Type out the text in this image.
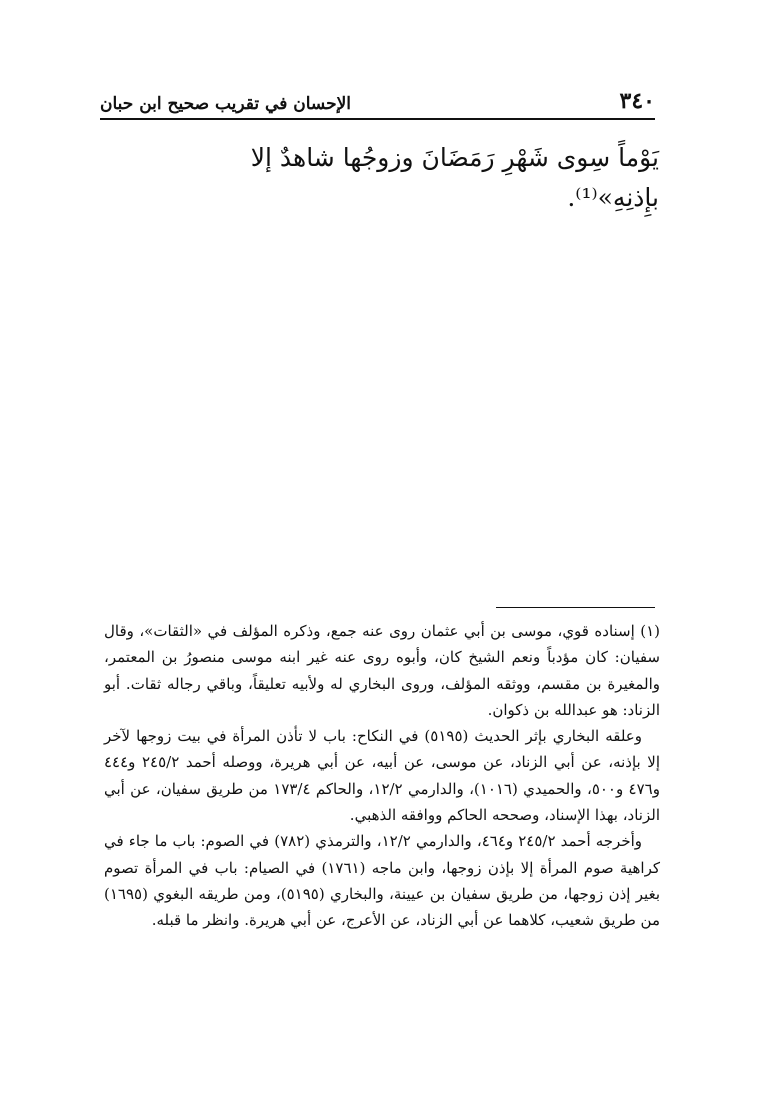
٣٤٠
الإحسان في تقريب صحيح ابن حبان
يَوْماً سِوى شَهْرِ رَمَضَانَ وزوجُها شاهدٌ إلا بإِذنِهِ»⁽¹⁾.

(١) إسناده قوي، موسى بن أبي عثمان روى عنه جمع، وذكره المؤلف في «الثقات»، وقال سفيان: كان مؤدباً ونعم الشيخ كان، وأبوه روى عنه غير ابنه موسى منصورُ بن المعتمر، والمغيرة بن مقسم، ووثقه المؤلف، وروى البخاري له ولأبيه تعليقاً، وباقي رجاله ثقات. أبو الزناد: هو عبدالله بن ذكوان.

وعلقه البخاري بإثر الحديث (٥١٩٥) في النكاح: باب لا تأذن المرأة في بيت زوجها لآخر إلا بإذنه، عن أبي الزناد، عن موسى، عن أبيه، عن أبي هريرة، ووصله أحمد ٢٤٥/٢ و٤٤٤ و٤٧٦ و٥٠٠، والحميدي (١٠١٦)، والدارمي ١٢/٢، والحاكم ١٧٣/٤ من طريق سفيان، عن أبي الزناد، بهذا الإسناد، وصححه الحاكم ووافقه الذهبي.

وأخرجه أحمد ٢٤٥/٢ و٤٦٤، والدارمي ١٢/٢، والترمذي (٧٨٢) في الصوم: باب ما جاء في كراهية صوم المرأة إلا بإذن زوجها، وابن ماجه (١٧٦١) في الصيام: باب في المرأة تصوم بغير إذن زوجها، من طريق سفيان بن عيينة، والبخاري (٥١٩٥)، ومن طريقه البغوي (١٦٩٥) من طريق شعيب، كلاهما عن أبي الزناد، عن الأعرج، عن أبي هريرة. وانظر ما قبله.
